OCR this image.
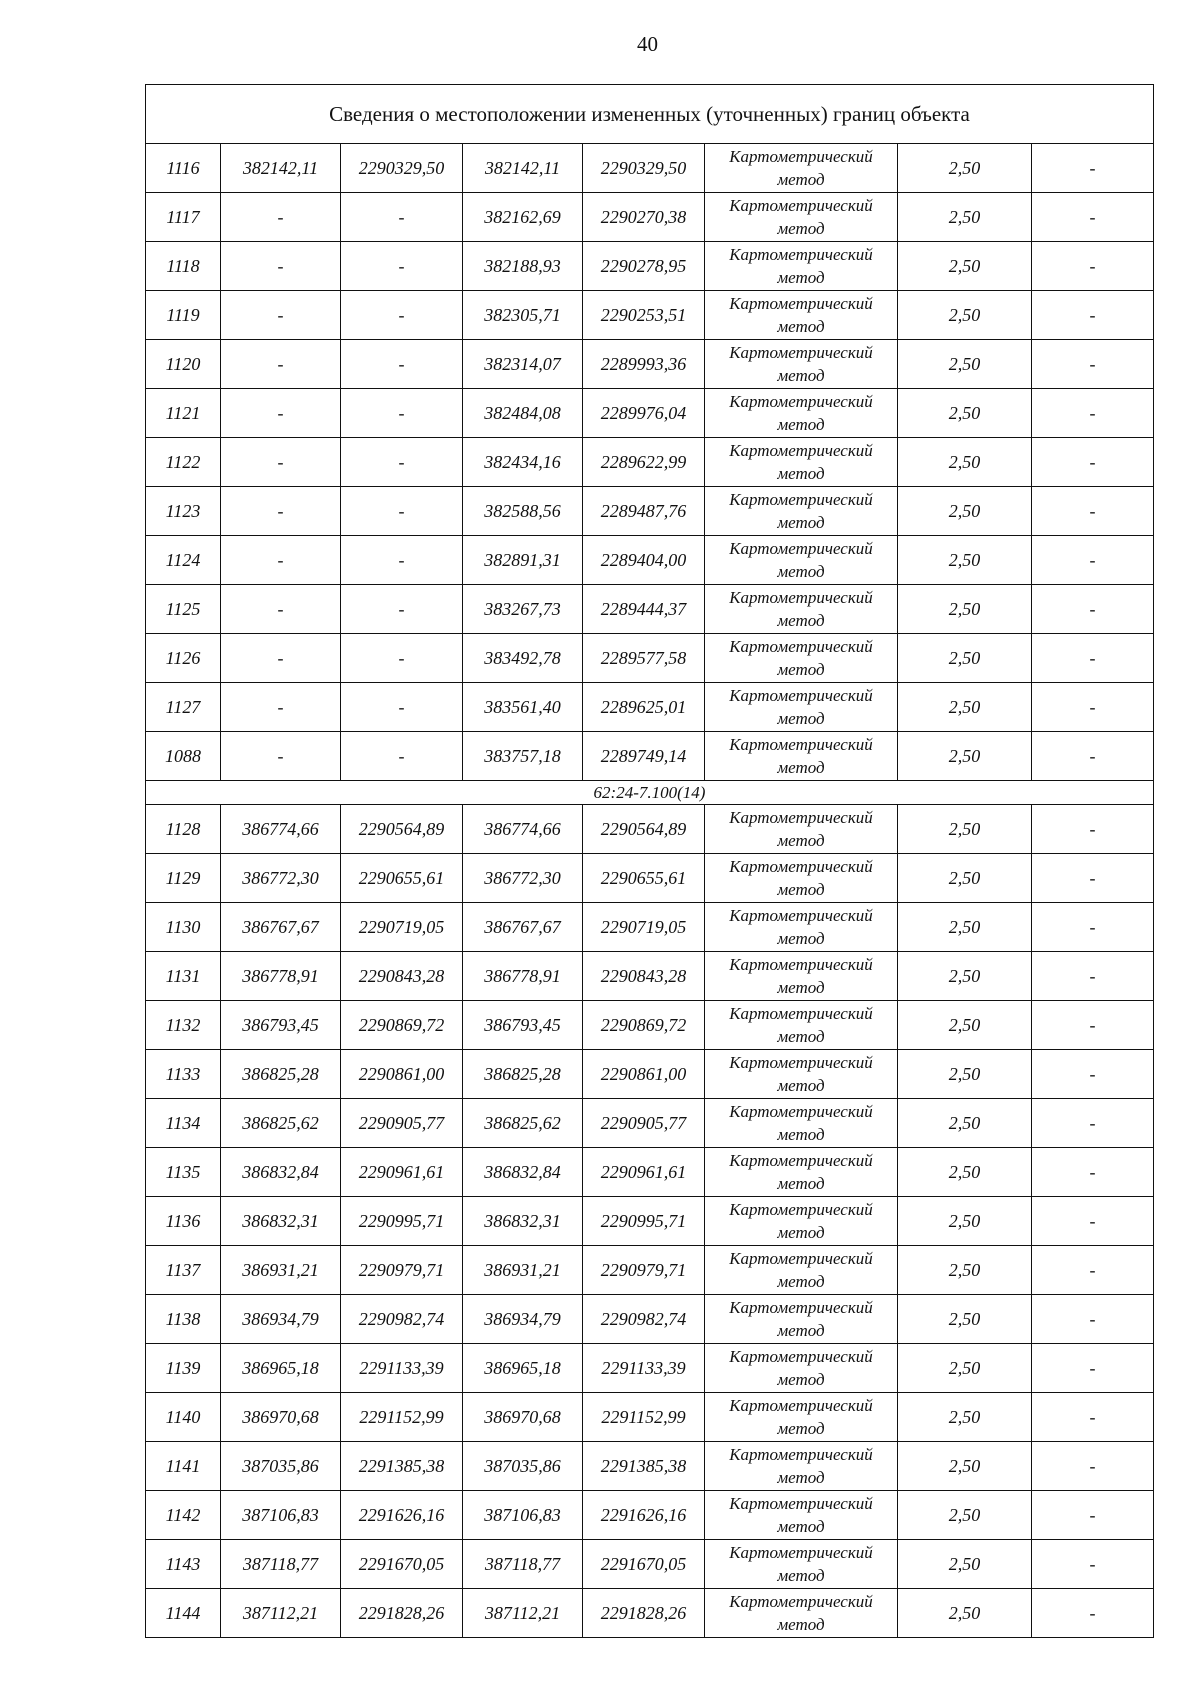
40
Сведения о местоположении измененных (уточненных) границ объекта							
1116	382142,11	2290329,50	382142,11	2290329,50	Картометрический
метод	2,50	-
1117	-	-	382162,69	2290270,38	Картометрический
метод	2,50	-
1118	-	-	382188,93	2290278,95	Картометрический
метод	2,50	-
1119	-	-	382305,71	2290253,51	Картометрический
метод	2,50	-
1120	-	-	382314,07	2289993,36	Картометрический
метод	2,50	-
1121	-	-	382484,08	2289976,04	Картометрический
метод	2,50	-
1122	-	-	382434,16	2289622,99	Картометрический
метод	2,50	-
1123	-	-	382588,56	2289487,76	Картометрический
метод	2,50	-
1124	-	-	382891,31	2289404,00	Картометрический
метод	2,50	-
1125	-	-	383267,73	2289444,37	Картометрический
метод	2,50	-
1126	-	-	383492,78	2289577,58	Картометрический
метод	2,50	-
1127	-	-	383561,40	2289625,01	Картометрический
метод	2,50	-
1088	-	-	383757,18	2289749,14	Картометрический
метод	2,50	-
62:24-7.100(14)							
1128	386774,66	2290564,89	386774,66	2290564,89	Картометрический
метод	2,50	-
1129	386772,30	2290655,61	386772,30	2290655,61	Картометрический
метод	2,50	-
1130	386767,67	2290719,05	386767,67	2290719,05	Картометрический
метод	2,50	-
1131	386778,91	2290843,28	386778,91	2290843,28	Картометрический
метод	2,50	-
1132	386793,45	2290869,72	386793,45	2290869,72	Картометрический
метод	2,50	-
1133	386825,28	2290861,00	386825,28	2290861,00	Картометрический
метод	2,50	-
1134	386825,62	2290905,77	386825,62	2290905,77	Картометрический
метод	2,50	-
1135	386832,84	2290961,61	386832,84	2290961,61	Картометрический
метод	2,50	-
1136	386832,31	2290995,71	386832,31	2290995,71	Картометрический
метод	2,50	-
1137	386931,21	2290979,71	386931,21	2290979,71	Картометрический
метод	2,50	-
1138	386934,79	2290982,74	386934,79	2290982,74	Картометрический
метод	2,50	-
1139	386965,18	2291133,39	386965,18	2291133,39	Картометрический
метод	2,50	-
1140	386970,68	2291152,99	386970,68	2291152,99	Картометрический
метод	2,50	-
1141	387035,86	2291385,38	387035,86	2291385,38	Картометрический
метод	2,50	-
1142	387106,83	2291626,16	387106,83	2291626,16	Картометрический
метод	2,50	-
1143	387118,77	2291670,05	387118,77	2291670,05	Картометрический
метод	2,50	-
1144	387112,21	2291828,26	387112,21	2291828,26	Картометрический
метод	2,50	-
